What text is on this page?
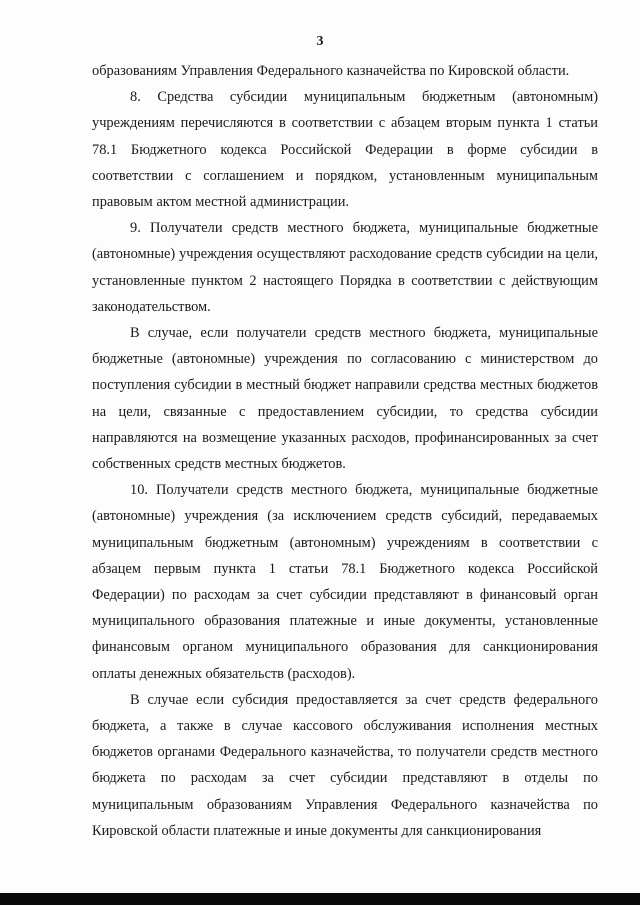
3

образованиям Управления Федерального казначейства по Кировской области.

8. Средства субсидии муниципальным бюджетным (автономным) учреждениям перечисляются в соответствии с абзацем вторым пункта 1 статьи 78.1 Бюджетного кодекса Российской Федерации в форме субсидии в соответствии с соглашением и порядком, установленным муниципальным правовым актом местной администрации.

9. Получатели средств местного бюджета, муниципальные бюджетные (автономные) учреждения осуществляют расходование средств субсидии на цели, установленные пунктом 2 настоящего Порядка в соответствии с действующим законодательством.

В случае, если получатели средств местного бюджета, муниципальные бюджетные (автономные) учреждения по согласованию с министерством до поступления субсидии в местный бюджет направили средства местных бюджетов на цели, связанные с предоставлением субсидии, то средства субсидии направляются на возмещение указанных расходов, профинансированных за счет собственных средств местных бюджетов.

10. Получатели средств местного бюджета, муниципальные бюджетные (автономные) учреждения (за исключением средств субсидий, передаваемых муниципальным бюджетным (автономным) учреждениям в соответствии с абзацем первым пункта 1 статьи 78.1 Бюджетного кодекса Российской Федерации) по расходам за счет субсидии представляют в финансовый орган муниципального образования платежные и иные документы, установленные финансовым органом муниципального образования для санкционирования оплаты денежных обязательств (расходов).

В случае если субсидия предоставляется за счет средств федерального бюджета, а также в случае кассового обслуживания исполнения местных бюджетов органами Федерального казначейства, то получатели средств местного бюджета по расходам за счет субсидии представляют в отделы по муниципальным образованиям Управления Федерального казначейства по Кировской области платежные и иные документы для санкционирования
